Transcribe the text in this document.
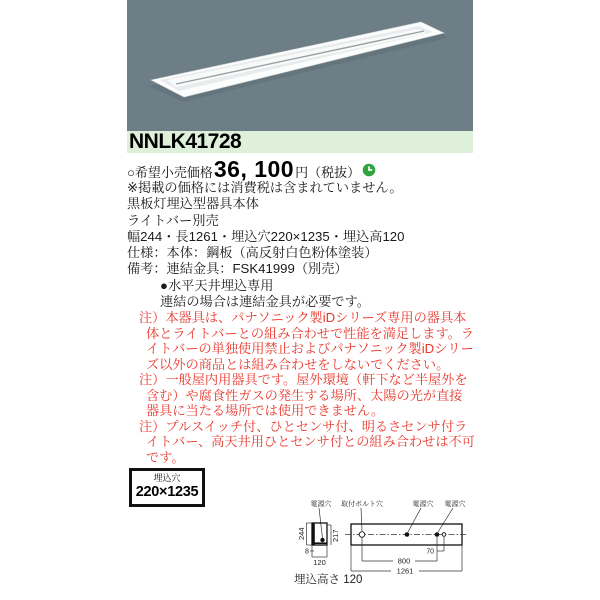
NNLK41728
○希望小売価格 36, 100 円（税抜）
※掲載の価格には消費税は含まれていません。
黒板灯埋込型器具本体
ライトバー別売
幅244・長1261・埋込穴220×1235・埋込高120
仕様：本体：鋼板（高反射白色粉体塗装）
備考：連結金具：FSK41999（別売）
●水平天井埋込専用
連結の場合は連結金具が必要です。
注）本器具は、パナソニック製iDシリーズ専用の器具本体とライトバーとの組み合わせで性能を満足します。ライトバーの単独使用禁止およびパナソニック製iDシリーズ以外の商品とは組み合わせをしないでください。
注）一般屋内用器具です。屋外環境（軒下など半屋外を含む）や腐食性ガスの発生する場所、太陽の光が直接器具に当たる場所では使用できません。
注）プルスイッチ付、ひとセンサ付、明るさセンサ付ライトバー、高天井用ひとセンサ付との組み合わせは不可です。
埋込穴
220×1235
電源穴 取付ボルト穴	電源穴 電源穴
244	217
8
120
70
800
1261
埋込高さ 120
